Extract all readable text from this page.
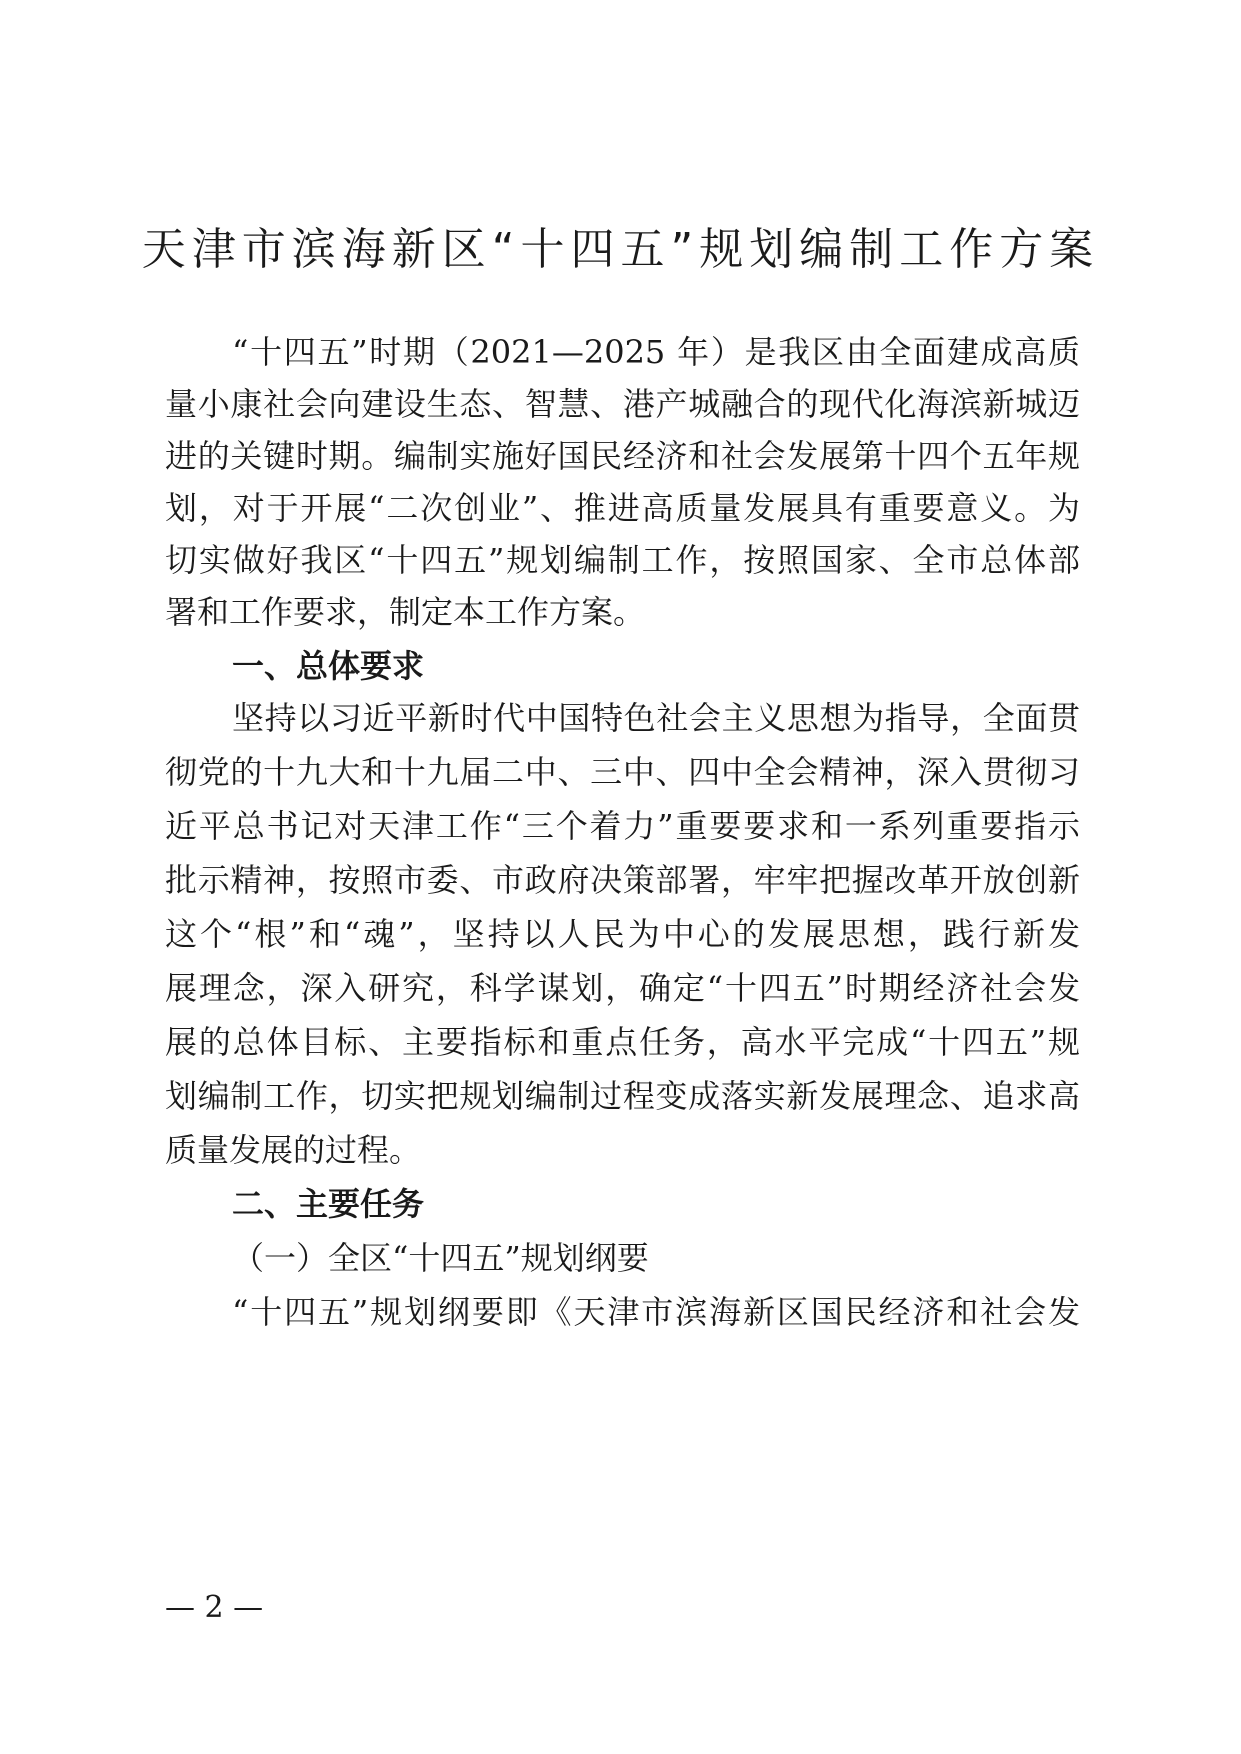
天津市滨海新区“十四五”规划编制工作方案
“十四五”时期（2021—2025 年）是我区由全面建成高质
量小康社会向建设生态、智慧、港产城融合的现代化海滨新城迈
进的关键时期。编制实施好国民经济和社会发展第十四个五年规
划，对于开展“二次创业”、推进高质量发展具有重要意义。为
切实做好我区“十四五”规划编制工作，按照国家、全市总体部
署和工作要求，制定本工作方案。
一、总体要求
坚持以习近平新时代中国特色社会主义思想为指导，全面贯
彻党的十九大和十九届二中、三中、四中全会精神，深入贯彻习
近平总书记对天津工作“三个着力”重要要求和一系列重要指示
批示精神，按照市委、市政府决策部署，牢牢把握改革开放创新
这个“根”和“魂”，坚持以人民为中心的发展思想，践行新发
展理念，深入研究，科学谋划，确定“十四五”时期经济社会发
展的总体目标、主要指标和重点任务，高水平完成“十四五”规
划编制工作，切实把规划编制过程变成落实新发展理念、追求高
质量发展的过程。
二、主要任务
（一）全区“十四五”规划纲要
“十四五”规划纲要即《天津市滨海新区国民经济和社会发
— 2 —
